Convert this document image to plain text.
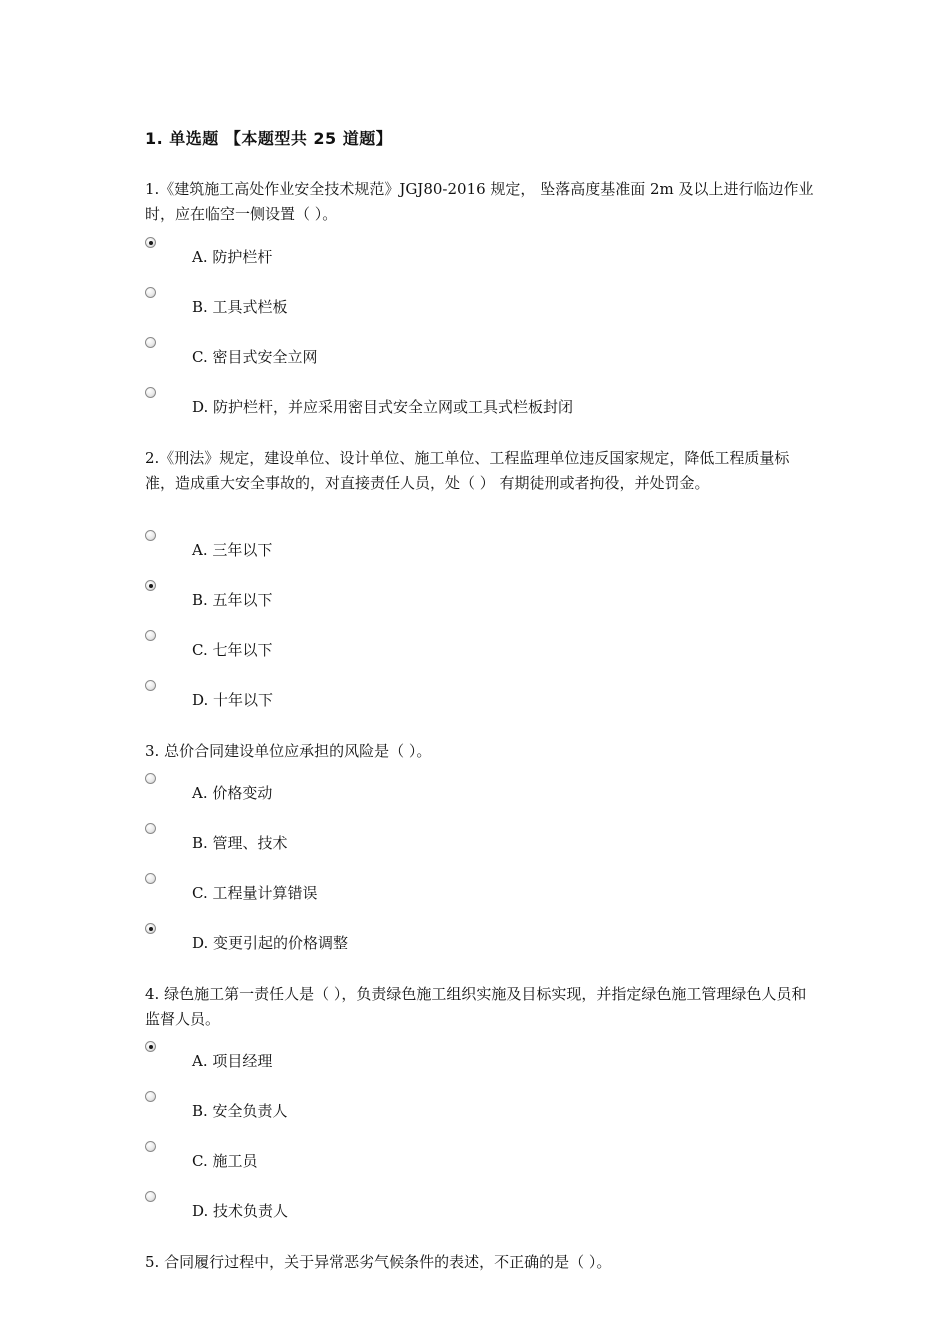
1. 单选题 【本题型共 25 道题】
1.《建筑施工高处作业安全技术规范》JGJ80-2016 规定， 坠落高度基准面 2m 及以上进行临边作业时，应在临空一侧设置（ ）。
A. 防护栏杆
B. 工具式栏板
C. 密目式安全立网
D. 防护栏杆，并应采用密目式安全立网或工具式栏板封闭
2.《刑法》规定，建设单位、设计单位、施工单位、工程监理单位违反国家规定，降低工程质量标准，造成重大安全事故的，对直接责任人员，处（ ） 有期徒刑或者拘役，并处罚金。
A. 三年以下
B. 五年以下
C. 七年以下
D. 十年以下
3. 总价合同建设单位应承担的风险是（ ）。
A. 价格变动
B. 管理、技术
C. 工程量计算错误
D. 变更引起的价格调整
4. 绿色施工第一责任人是（ ），负责绿色施工组织实施及目标实现，并指定绿色施工管理绿色人员和监督人员。
A. 项目经理
B. 安全负责人
C. 施工员
D. 技术负责人
5. 合同履行过程中，关于异常恶劣气候条件的表述，不正确的是（ ）。
